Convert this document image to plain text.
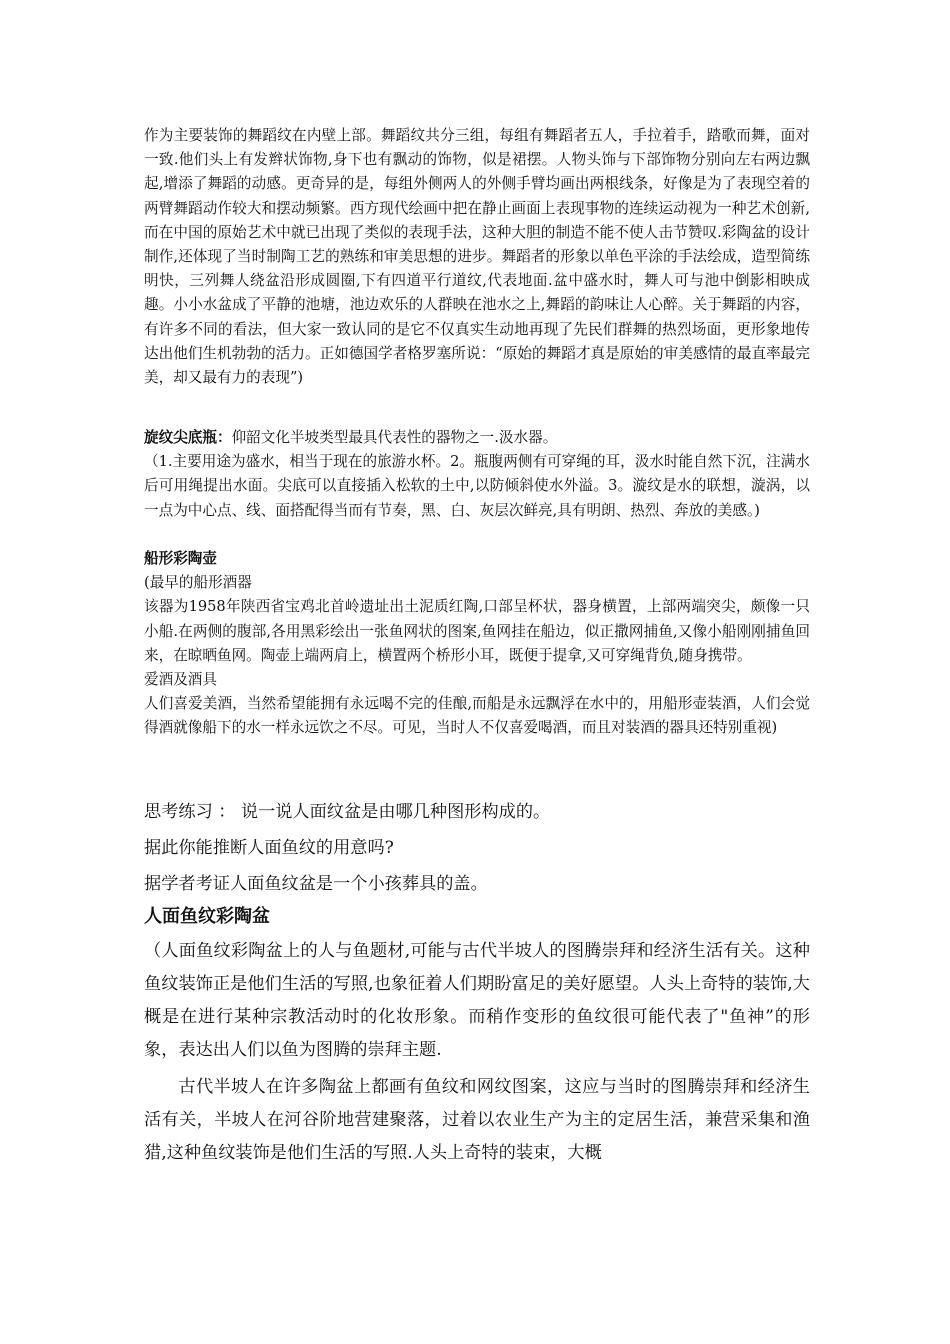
作为主要装饰的舞蹈纹在内壁上部。舞蹈纹共分三组，每组有舞蹈者五人，手拉着手，踏歌而舞，面对一致.他们头上有发辫状饰物,身下也有飘动的饰物，似是裙摆。人物头饰与下部饰物分别向左右两边飘起,增添了舞蹈的动感。更奇异的是，每组外侧两人的外侧手臂均画出两根线条，好像是为了表现空着的两臂舞蹈动作较大和摆动频繁。西方现代绘画中把在静止画面上表现事物的连续运动视为一种艺术创新,而在中国的原始艺术中就已出现了类似的表现手法，这种大胆的制造不能不使人击节赞叹.彩陶盆的设计制作,还体现了当时制陶工艺的熟练和审美思想的进步。舞蹈者的形象以单色平涂的手法绘成，造型简练明快，三列舞人绕盆沿形成圆圈,下有四道平行道纹,代表地面.盆中盛水时，舞人可与池中倒影相映成趣。小小水盆成了平静的池塘，池边欢乐的人群映在池水之上,舞蹈的韵味让人心醉。关于舞蹈的内容，有许多不同的看法，但大家一致认同的是它不仅真实生动地再现了先民们群舞的热烈场面，更形象地传达出他们生机勃勃的活力。正如德国学者格罗塞所说：“原始的舞蹈才真是原始的审美感情的最直率最完美，却又最有力的表现”)

旋纹尖底瓶：仰韶文化半坡类型最具代表性的器物之一.汲水器。

（1.主要用途为盛水，相当于现在的旅游水杯。2。瓶腹两侧有可穿绳的耳，汲水时能自然下沉，注满水后可用绳提出水面。尖底可以直接插入松软的土中,以防倾斜使水外溢。3。漩纹是水的联想，漩涡，以一点为中心点、线、面搭配得当而有节奏，黑、白、灰层次鲜亮,具有明朗、热烈、奔放的美感。)

船形彩陶壶

(最早的船形酒器

该器为1958年陕西省宝鸡北首岭遗址出土泥质红陶,口部呈杯状，器身横置，上部两端突尖，颇像一只小船.在两侧的腹部,各用黑彩绘出一张鱼网状的图案,鱼网挂在船边，似正撒网捕鱼,又像小船刚刚捕鱼回来，在晾晒鱼网。陶壶上端两肩上，横置两个桥形小耳，既便于提拿,又可穿绳背负,随身携带。

爱酒及酒具

人们喜爱美酒，当然希望能拥有永远喝不完的佳酿,而船是永远飘浮在水中的，用船形壶装酒，人们会觉得酒就像船下的水一样永远饮之不尽。可见，当时人不仅喜爱喝酒，而且对装酒的器具还特别重视)

思考练习 ： 说一说人面纹盆是由哪几种图形构成的。

据此你能推断人面鱼纹的用意吗?

据学者考证人面鱼纹盆是一个小孩葬具的盖。

人面鱼纹彩陶盆

（人面鱼纹彩陶盆上的人与鱼题材,可能与古代半坡人的图腾崇拜和经济生活有关。这种鱼纹装饰正是他们生活的写照,也象征着人们期盼富足的美好愿望。人头上奇特的装饰,大概是在进行某种宗教活动时的化妆形象。而稍作变形的鱼纹很可能代表了"鱼神”的形象，表达出人们以鱼为图腾的崇拜主题.

古代半坡人在许多陶盆上都画有鱼纹和网纹图案，这应与当时的图腾崇拜和经济生活有关，半坡人在河谷阶地营建聚落，过着以农业生产为主的定居生活，兼营采集和渔猎,这种鱼纹装饰是他们生活的写照.人头上奇特的装束，大概
